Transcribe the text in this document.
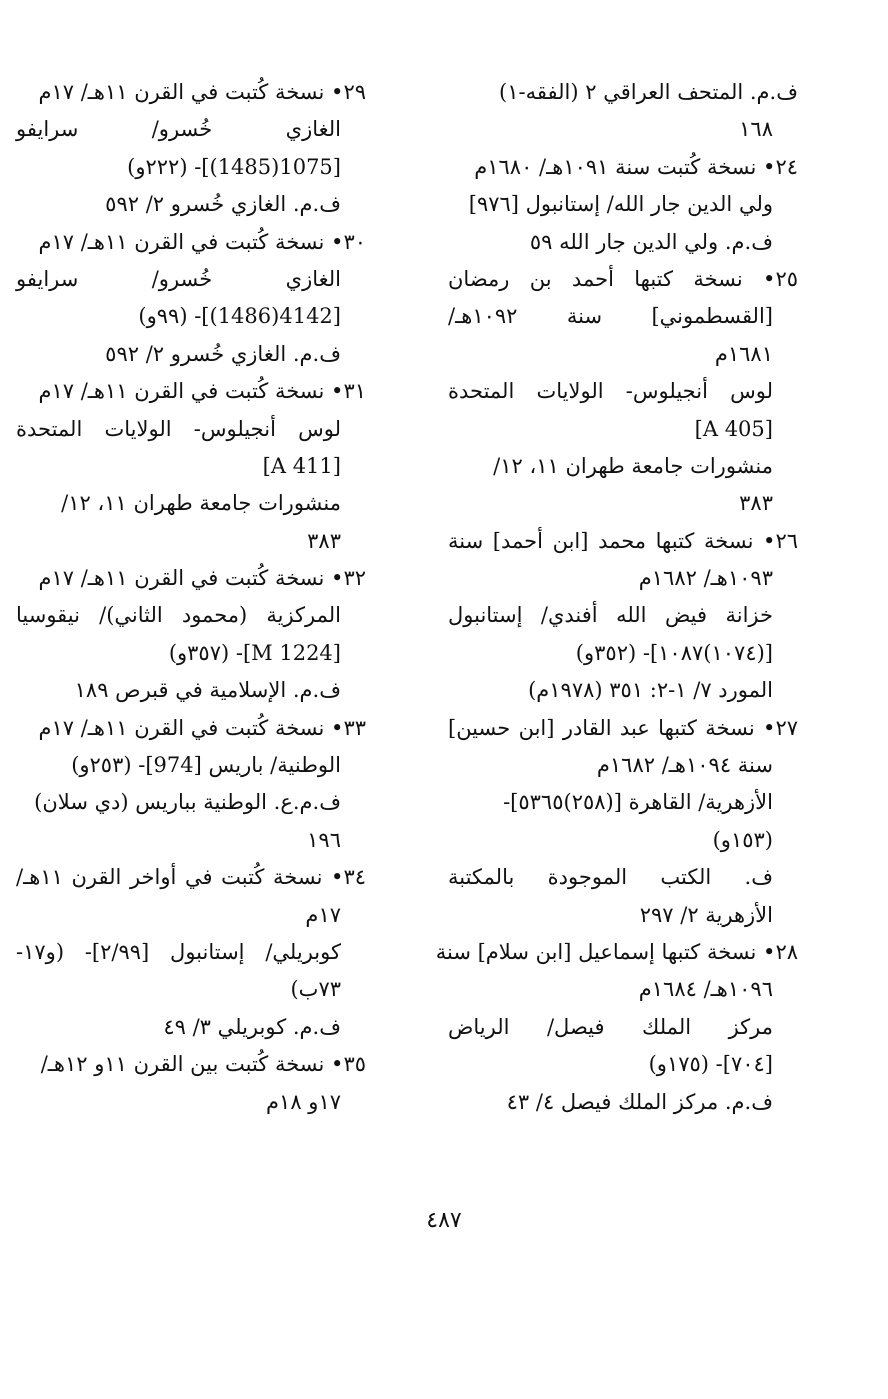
ف.م. المتحف العراقي ٢ (الفقه-١)
١٦٨
٢٤• نسخة كُتبت سنة ١٠٩١هـ/ ١٦٨٠م
ولي الدين جار الله/ إستانبول [٩٧٦]
ف.م. ولي الدين جار الله ٥٩
٢٥• نسخة كتبها أحمد بن رمضان
[القسطموني] سنة ١٠٩٢هـ/
١٦٨١م
لوس أنجيلوس- الولايات المتحدة
[A 405]
منشورات جامعة طهران ١١، ١٢/
٣٨٣
٢٦• نسخة كتبها محمد [ابن أحمد] سنة
١٠٩٣هـ/ ١٦٨٢م
خزانة فيض الله أفندي/ إستانبول
[(١٠٧٤)١٠٨٧]- (٣٥٢و)
المورد ٧/ ١-٢: ٣٥١ (١٩٧٨م)
٢٧• نسخة كتبها عبد القادر [ابن حسين]
سنة ١٠٩٤هـ/ ١٦٨٢م
الأزهرية/ القاهرة [(٢٥٨)٥٣٦٥]-
(١٥٣و)
ف. الكتب الموجودة بالمكتبة
الأزهرية ٢/ ٢٩٧
٢٨• نسخة كتبها إسماعيل [ابن سلام] سنة
١٠٩٦هـ/ ١٦٨٤م
مركز الملك فيصل/ الرياض
[٧٠٤]- (١٧٥و)
ف.م. مركز الملك فيصل ٤/ ٤٣
٢٩• نسخة كُتبت في القرن ١١هـ/ ١٧م
الغازي خُسرو/ سرايفو
[1075(1485)]- (٢٢٢و)
ف.م. الغازي خُسرو ٢/ ٥٩٢
٣٠• نسخة كُتبت في القرن ١١هـ/ ١٧م
الغازي خُسرو/ سرايفو
[4142(1486)]- (٩٩و)
ف.م. الغازي خُسرو ٢/ ٥٩٢
٣١• نسخة كُتبت في القرن ١١هـ/ ١٧م
لوس أنجيلوس- الولايات المتحدة
[A 411]
منشورات جامعة طهران ١١، ١٢/
٣٨٣
٣٢• نسخة كُتبت في القرن ١١هـ/ ١٧م
المركزية (محمود الثاني)/ نيقوسيا
[M 1224]- (٣٥٧و)
ف.م. الإسلامية في قبرص ١٨٩
٣٣• نسخة كُتبت في القرن ١١هـ/ ١٧م
الوطنية/ باريس [974]- (٢٥٣و)
ف.م.ع. الوطنية بباريس (دي سلان)
١٩٦
٣٤• نسخة كُتبت في أواخر القرن ١١هـ/
١٧م
كوبريلي/ إستانبول [٢/٩٩]- (و١٧-
٧٣ب)
ف.م. كوبريلي ٣/ ٤٩
٣٥• نسخة كُتبت بين القرن ١١و ١٢هـ/
١٧و ١٨م
٤٨٧
